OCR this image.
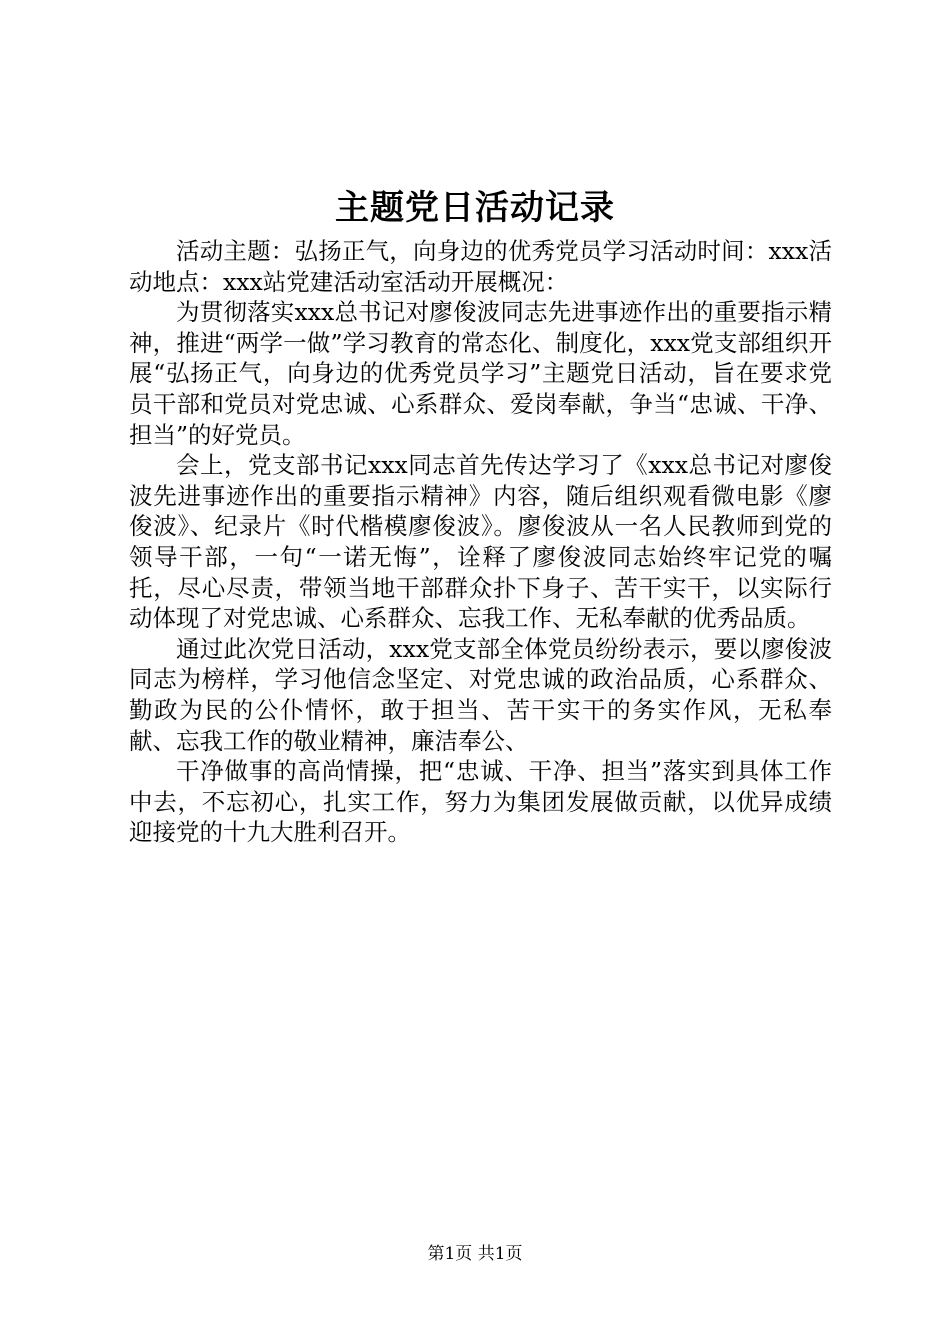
主题党日活动记录

活动主题：弘扬正气，向身边的优秀党员学习活动时间：xxx活动地点：xxx站党建活动室活动开展概况：

为贯彻落实xxx总书记对廖俊波同志先进事迹作出的重要指示精神，推进“两学一做”学习教育的常态化、制度化，xxx党支部组织开展“弘扬正气，向身边的优秀党员学习”主题党日活动，旨在要求党员干部和党员对党忠诚、心系群众、爱岗奉献，争当“忠诚、干净、担当”的好党员。

会上，党支部书记xxx同志首先传达学习了《xxx总书记对廖俊波先进事迹作出的重要指示精神》内容，随后组织观看微电影《廖俊波》、纪录片《时代楷模廖俊波》。廖俊波从一名人民教师到党的领导干部，一句“一诺无悔”，诠释了廖俊波同志始终牢记党的嘱托，尽心尽责，带领当地干部群众扑下身子、苦干实干，以实际行动体现了对党忠诚、心系群众、忘我工作、无私奉献的优秀品质。

通过此次党日活动，xxx党支部全体党员纷纷表示，要以廖俊波同志为榜样，学习他信念坚定、对党忠诚的政治品质，心系群众、勤政为民的公仆情怀，敢于担当、苦干实干的务实作风，无私奉献、忘我工作的敬业精神，廉洁奉公、

干净做事的高尚情操，把“忠诚、干净、担当”落实到具体工作中去，不忘初心，扎实工作，努力为集团发展做贡献，以优异成绩迎接党的十九大胜利召开。

第1页 共1页
